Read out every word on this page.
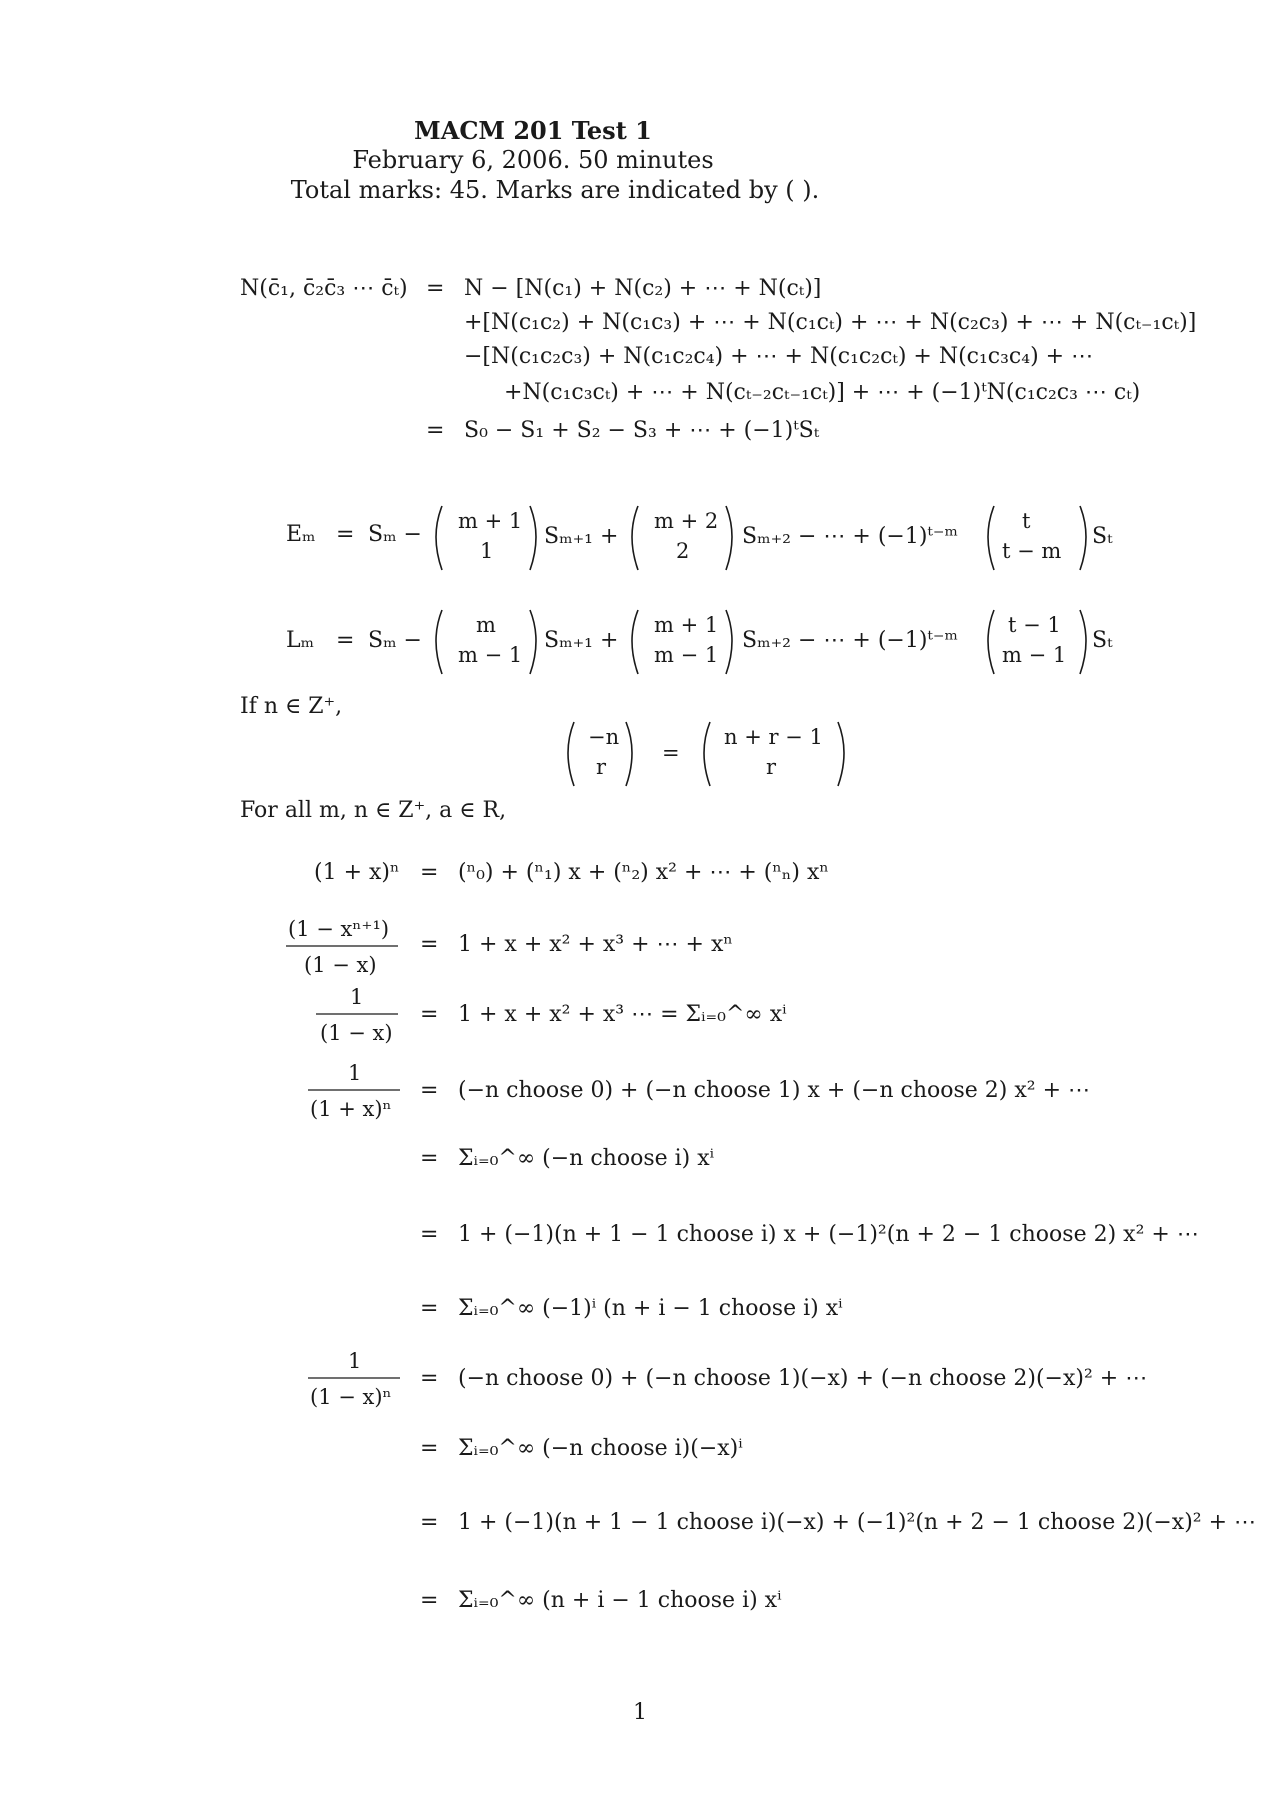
MACM 201 Test 1
February 6, 2006. 50 minutes
Total marks: 45. Marks are indicated by ( ).
N(c̄₁, c̄₂c̄₃ ⋯ c̄ₜ) = N − [N(c₁) + N(c₂) + ⋯ + N(cₜ)]
+[N(c₁c₂) + N(c₁c₃) + ⋯ + N(c₁cₜ) + ⋯ + N(c₂c₃) + ⋯ + N(cₜ₋₁cₜ)]
−[N(c₁c₂c₃) + N(c₁c₂c₄) + ⋯ + N(c₁c₂cₜ) + N(c₁c₃c₄) + ⋯
+N(c₁c₃cₜ) + ⋯ + N(cₜ₋₂cₜ₋₁cₜ)] + ⋯ + (−1)ᵗN(c₁c₂c₃ ⋯ cₜ)
= S₀ − S₁ + S₂ − S₃ + ⋯ + (−1)ᵗSₜ
Eₘ = Sₘ −
m + 1
1
m + 2
2
t
t − m
Sₘ₊₁ +	Sₘ₊₂ − ⋯ + (−1)ᵗ⁻ᵐ	Sₜ
Lₘ = Sₘ −
m
m − 1
m + 1
m − 1
t − 1
m − 1
Sₘ₊₁ +	Sₘ₊₂ − ⋯ + (−1)ᵗ⁻ᵐ	Sₜ
If n ∈ Z⁺,
−n
r
=
n + r − 1
r
For all m, n ∈ Z⁺, a ∈ R,
(1 + x)ⁿ = (ⁿ₀) + (ⁿ₁) x + (ⁿ₂) x² + ⋯ + (ⁿₙ) xⁿ
(1 − xⁿ⁺¹)
(1 − x)
= 1 + x + x² + x³ + ⋯ + xⁿ
1
(1 − x)
= 1 + x + x² + x³ ⋯ = Σᵢ₌₀^∞ xⁱ
1
(1 + x)ⁿ
= (−n choose 0) + (−n choose 1) x + (−n choose 2) x² + ⋯
= Σᵢ₌₀^∞ (−n choose i) xⁱ
= 1 + (−1)(n + 1 − 1 choose i) x + (−1)²(n + 2 − 1 choose 2) x² + ⋯
= Σᵢ₌₀^∞ (−1)ⁱ (n + i − 1 choose i) xⁱ
1
(1 − x)ⁿ
= (−n choose 0) + (−n choose 1)(−x) + (−n choose 2)(−x)² + ⋯
= Σᵢ₌₀^∞ (−n choose i)(−x)ⁱ
= 1 + (−1)(n + 1 − 1 choose i)(−x) + (−1)²(n + 2 − 1 choose 2)(−x)² + ⋯
= Σᵢ₌₀^∞ (n + i − 1 choose i) xⁱ
1
